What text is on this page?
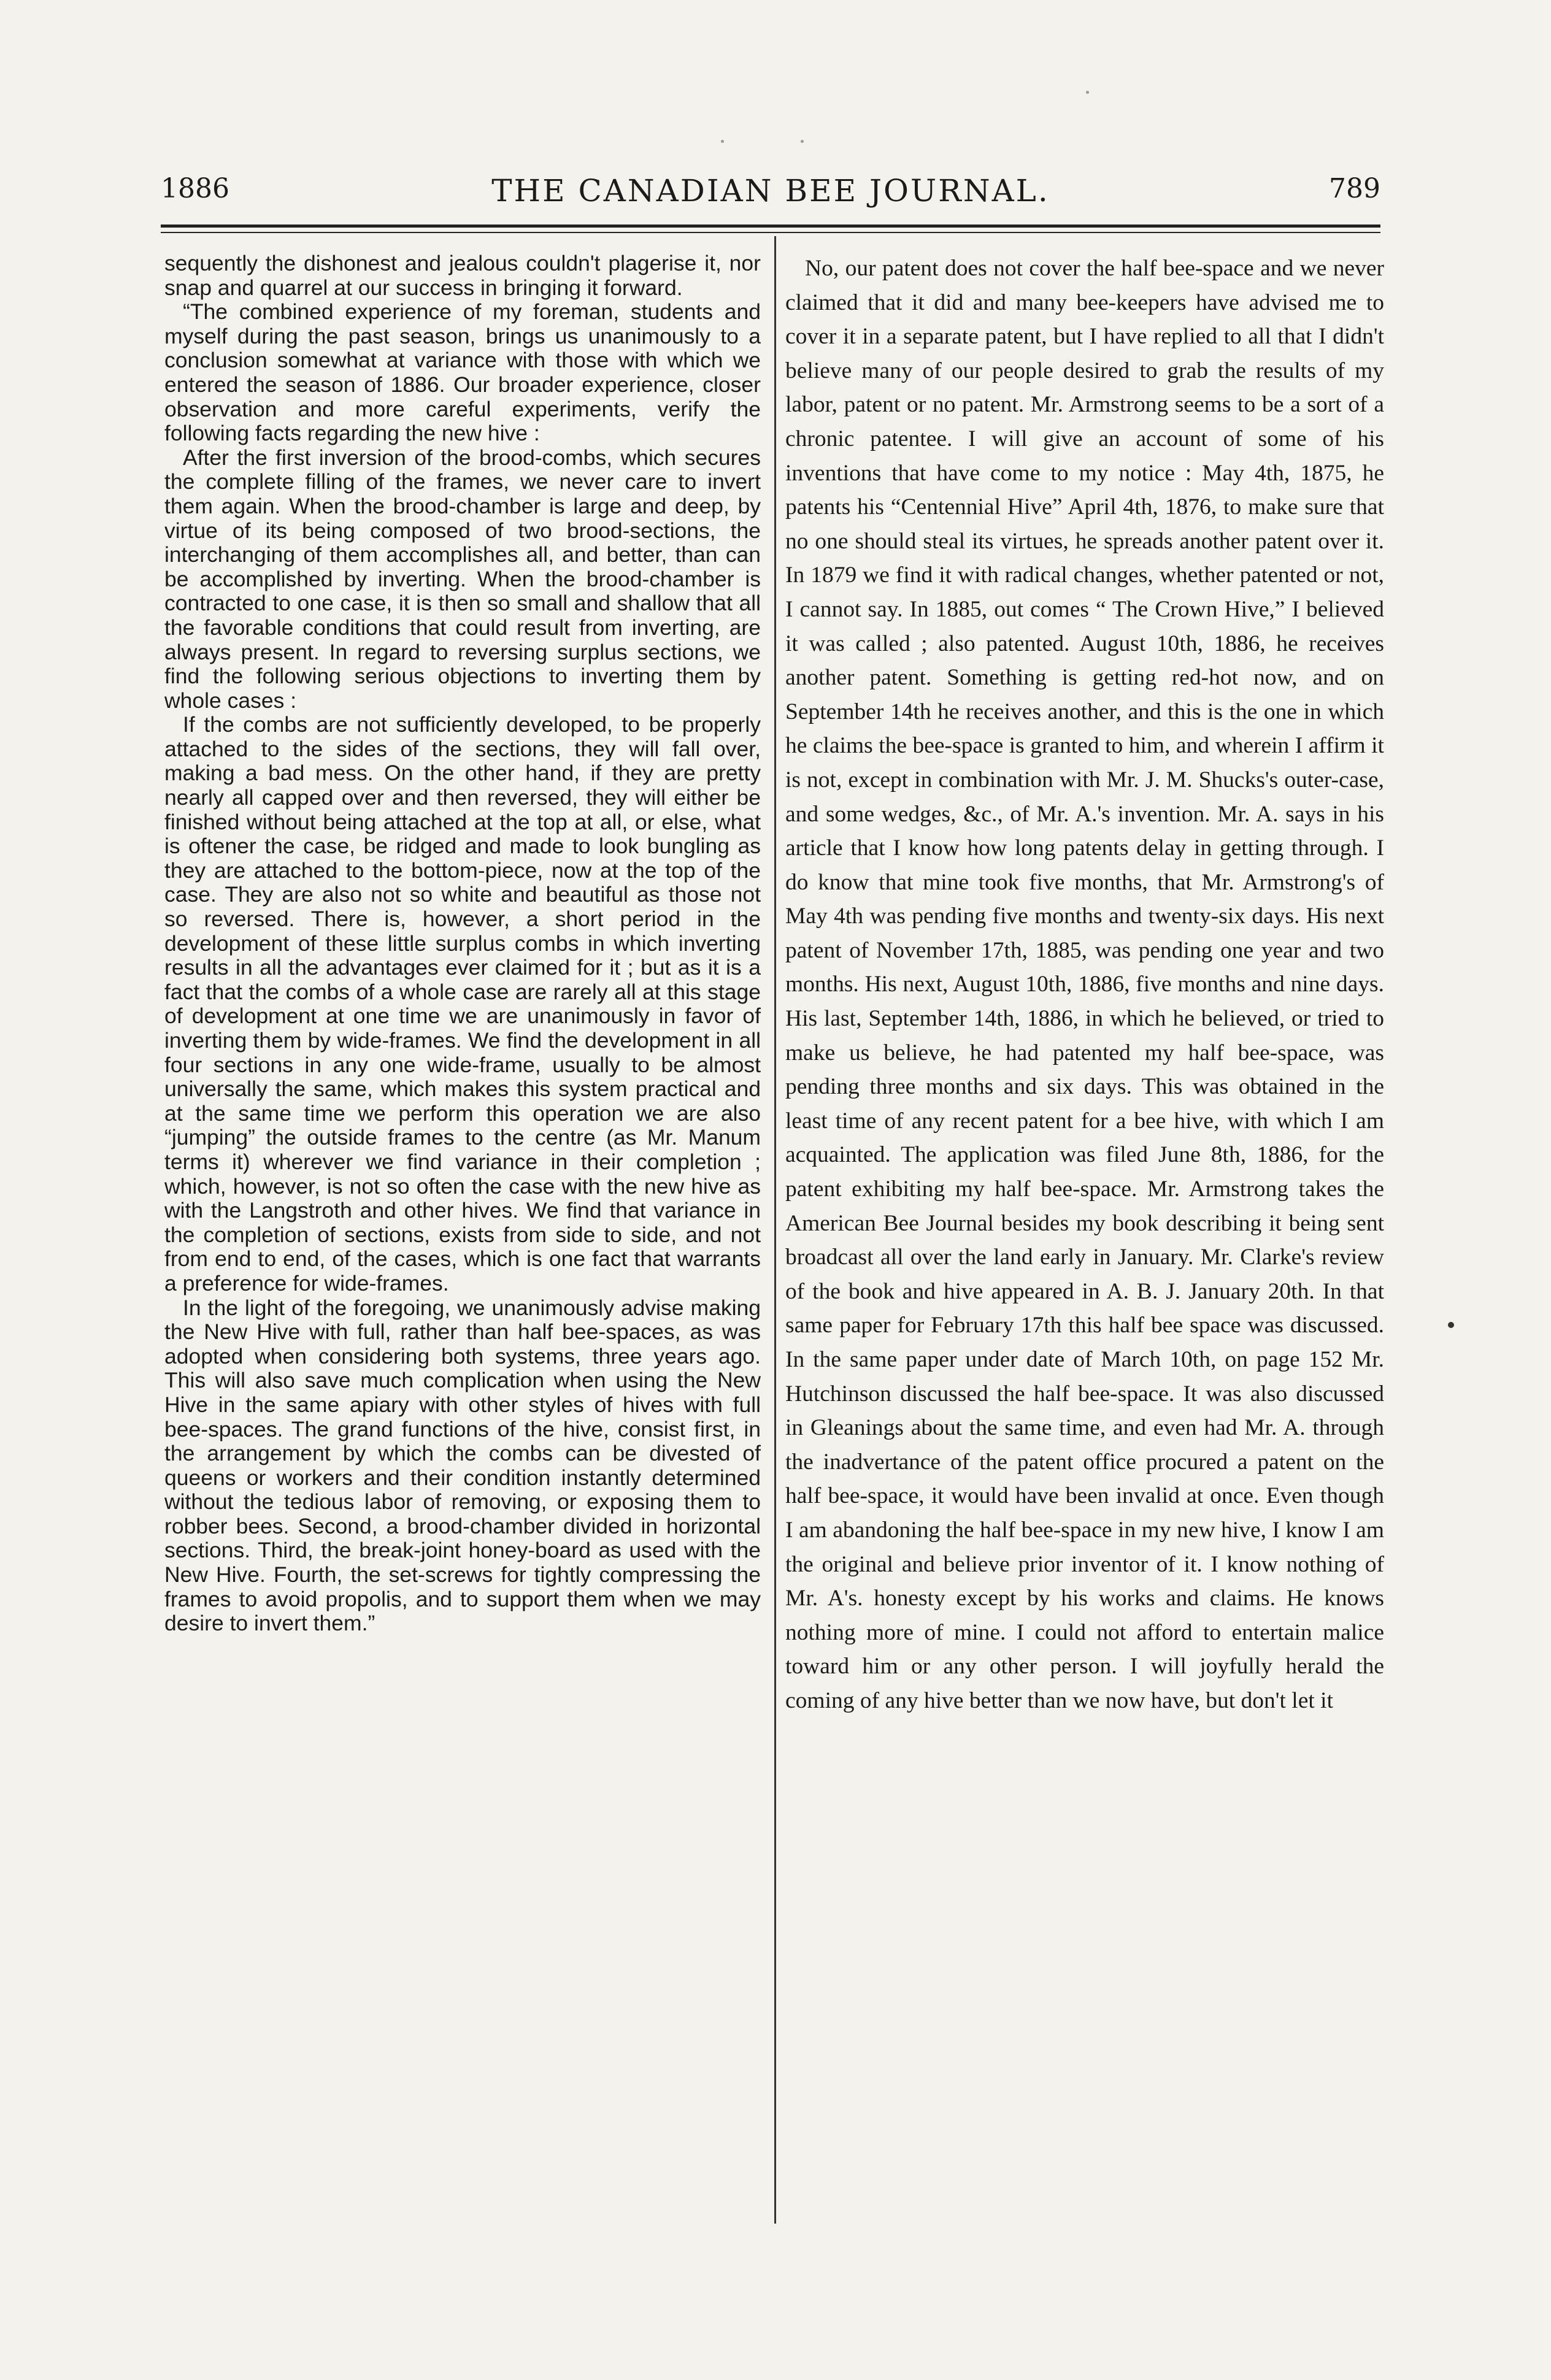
1886	THE CANADIAN BEE JOURNAL.	789

sequently the dishonest and jealous couldn't plagerise it, nor snap and quarrel at our success in bringing it forward.

“The combined experience of my foreman, students and myself during the past season, brings us unanimously to a conclusion somewhat at variance with those with which we entered the season of 1886. Our broader experience, closer observation and more careful experiments, verify the following facts regarding the new hive :

After the first inversion of the brood-combs, which secures the complete filling of the frames, we never care to invert them again. When the brood-chamber is large and deep, by virtue of its being composed of two brood-sections, the interchanging of them accomplishes all, and better, than can be accomplished by inverting. When the brood-chamber is contracted to one case, it is then so small and shallow that all the favorable conditions that could result from inverting, are always present. In regard to reversing surplus sections, we find the following serious objections to inverting them by whole cases :

If the combs are not sufficiently developed, to be properly attached to the sides of the sections, they will fall over, making a bad mess. On the other hand, if they are pretty nearly all capped over and then reversed, they will either be finished without being attached at the top at all, or else, what is oftener the case, be ridged and made to look bungling as they are attached to the bottom-piece, now at the top of the case. They are also not so white and beautiful as those not so reversed. There is, however, a short period in the development of these little surplus combs in which inverting results in all the advantages ever claimed for it ; but as it is a fact that the combs of a whole case are rarely all at this stage of development at one time we are unanimously in favor of inverting them by wide-frames. We find the development in all four sections in any one wide-frame, usually to be almost universally the same, which makes this system practical and at the same time we perform this operation we are also “jumping” the outside frames to the centre (as Mr. Manum terms it) wherever we find variance in their completion ; which, however, is not so often the case with the new hive as with the Langstroth and other hives. We find that variance in the completion of sections, exists from side to side, and not from end to end, of the cases, which is one fact that warrants a preference for wide-frames.

In the light of the foregoing, we unanimously advise making the New Hive with full, rather than half bee-spaces, as was adopted when considering both systems, three years ago. This will also save much complication when using the New Hive in the same apiary with other styles of hives with full bee-spaces. The grand functions of the hive, consist first, in the arrangement by which the combs can be divested of queens or workers and their condition instantly determined without the tedious labor of removing, or exposing them to robber bees. Second, a brood-chamber divided in horizontal sections. Third, the break-joint honey-board as used with the New Hive. Fourth, the set-screws for tightly compressing the frames to avoid propolis, and to support them when we may desire to invert them.”

No, our patent does not cover the half bee-space and we never claimed that it did and many bee-keepers have advised me to cover it in a separate patent, but I have replied to all that I didn't believe many of our people desired to grab the results of my labor, patent or no patent. Mr. Armstrong seems to be a sort of a chronic patentee. I will give an account of some of his inventions that have come to my notice : May 4th, 1875, he patents his “Centennial Hive” April 4th, 1876, to make sure that no one should steal its virtues, he spreads another patent over it. In 1879 we find it with radical changes, whether patented or not, I cannot say. In 1885, out comes “ The Crown Hive,” I believed it was called ; also patented. August 10th, 1886, he receives another patent. Something is getting red-hot now, and on September 14th he receives another, and this is the one in which he claims the bee-space is granted to him, and wherein I affirm it is not, except in combination with Mr. J. M. Shucks's outer-case, and some wedges, &c., of Mr. A.'s invention. Mr. A. says in his article that I know how long patents delay in getting through. I do know that mine took five months, that Mr. Armstrong's of May 4th was pending five months and twenty-six days. His next patent of November 17th, 1885, was pending one year and two months. His next, August 10th, 1886, five months and nine days. His last, September 14th, 1886, in which he believed, or tried to make us believe, he had patented my half bee-space, was pending three months and six days. This was obtained in the least time of any recent patent for a bee hive, with which I am acquainted. The application was filed June 8th, 1886, for the patent exhibiting my half bee-space. Mr. Armstrong takes the American Bee Journal besides my book describing it being sent broadcast all over the land early in January. Mr. Clarke's review of the book and hive appeared in A. B. J. January 20th. In that same paper for February 17th this half bee space was discussed. In the same paper under date of March 10th, on page 152 Mr. Hutchinson discussed the half bee-space. It was also discussed in Gleanings about the same time, and even had Mr. A. through the inadvertance of the patent office procured a patent on the half bee-space, it would have been invalid at once. Even though I am abandoning the half bee-space in my new hive, I know I am the original and believe prior inventor of it. I know nothing of Mr. A's. honesty except by his works and claims. He knows nothing more of mine. I could not afford to entertain malice toward him or any other person. I will joyfully herald the coming of any hive better than we now have, but don't let it
